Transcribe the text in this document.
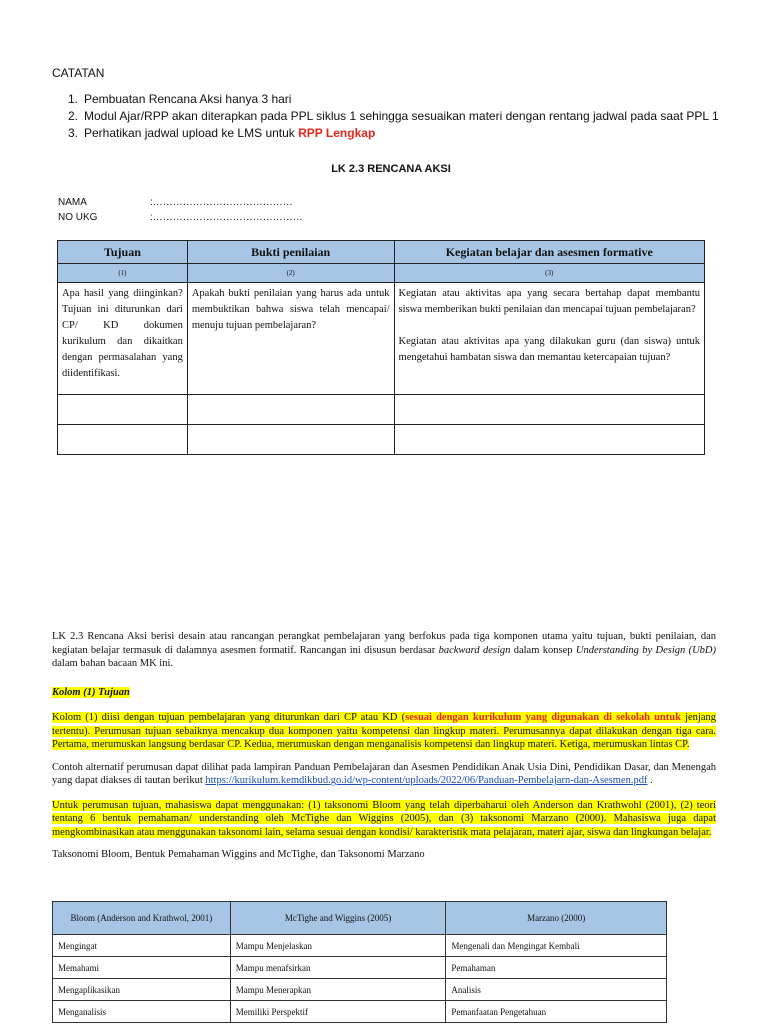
CATATAN
1. Pembuatan Rencana Aksi hanya 3 hari
2. Modul Ajar/RPP akan diterapkan pada PPL siklus 1 sehingga sesuaikan materi dengan rentang jadwal pada saat PPL 1
3. Perhatikan jadwal upload ke LMS untuk RPP Lengkap
LK 2.3 RENCANA AKSI
NAMA	:……………………………………
NO UKG	:………………………………………
Tujuan	Bukti penilaian	Kegiatan belajar dan asesmen formative
(1)	(2)	(3)
Apa hasil yang diinginkan? Tujuan ini diturunkan dari CP/ KD dokumen kurikulum dan dikaitkan dengan permasalahan yang diidentifikasi.	Apakah bukti penilaian yang harus ada untuk membuktikan bahwa siswa telah mencapai/ menuju tujuan pembelajaran?	Kegiatan atau aktivitas apa yang secara bertahap dapat membantu siswa memberikan bukti penilaian dan mencapai tujuan pembelajaran?
Kegiatan atau aktivitas apa yang dilakukan guru (dan siswa) untuk mengetahui hambatan siswa dan memantau ketercapaian tujuan?

LK 2.3 Rencana Aksi berisi desain atau rancangan perangkat pembelajaran yang berfokus pada tiga komponen utama yaitu tujuan, bukti penilaian, dan kegiatan belajar termasuk di dalamnya asesmen formatif. Rancangan ini disusun berdasar backward design dalam konsep Understanding by Design (UbD) dalam bahan bacaan MK ini.

Kolom (1) Tujuan

Kolom (1) diisi dengan tujuan pembelajaran yang diturunkan dari CP atau KD (sesuai dengan kurikulum yang digunakan di sekolah untuk jenjang tertentu). Perumusan tujuan sebaiknya mencakup dua komponen yaitu kompetensi dan lingkup materi. Perumusannya dapat dilakukan dengan tiga cara. Pertama, merumuskan langsung berdasar CP. Kedua, merumuskan dengan menganalisis kompetensi dan lingkup materi. Ketiga, merumuskan lintas CP.

Contoh alternatif perumusan dapat dilihat pada lampiran Panduan Pembelajaran dan Asesmen Pendidikan Anak Usia Dini, Pendidikan Dasar, dan Menengah yang dapat diakses di tautan berikut https://kurikulum.kemdikbud.go.id/wp-content/uploads/2022/06/Panduan-Pembelajarn-dan-Asesmen.pdf .

Untuk perumusan tujuan, mahasiswa dapat menggunakan: (1) taksonomi Bloom yang telah diperbaharui oleh Anderson dan Krathwohl (2001), (2) teori tentang 6 bentuk pemahaman/ understanding oleh McTighe dan Wiggins (2005), dan (3) taksonomi Marzano (2000). Mahasiswa juga dapat mengkombinasikan atau menggunakan taksonomi lain, selama sesuai dengan kondisi/ karakteristik mata pelajaran, materi ajar, siswa dan lingkungan belajar.

Taksonomi Bloom, Bentuk Pemahaman Wiggins and McTighe, dan Taksonomi Marzano

Bloom (Anderson and Krathwol, 2001)	McTighe and Wiggins (2005)	Marzano (2000)
Mengingat	Mampu Menjelaskan	Mengenali dan Mengingat Kembali
Memahami	Mampu menafsirkan	Pemahaman
Mengaplikasikan	Mampu Menerapkan	Analisis
Menganalisis	Memiliki Perspektif	Pemanfaatan Pengetahuan
